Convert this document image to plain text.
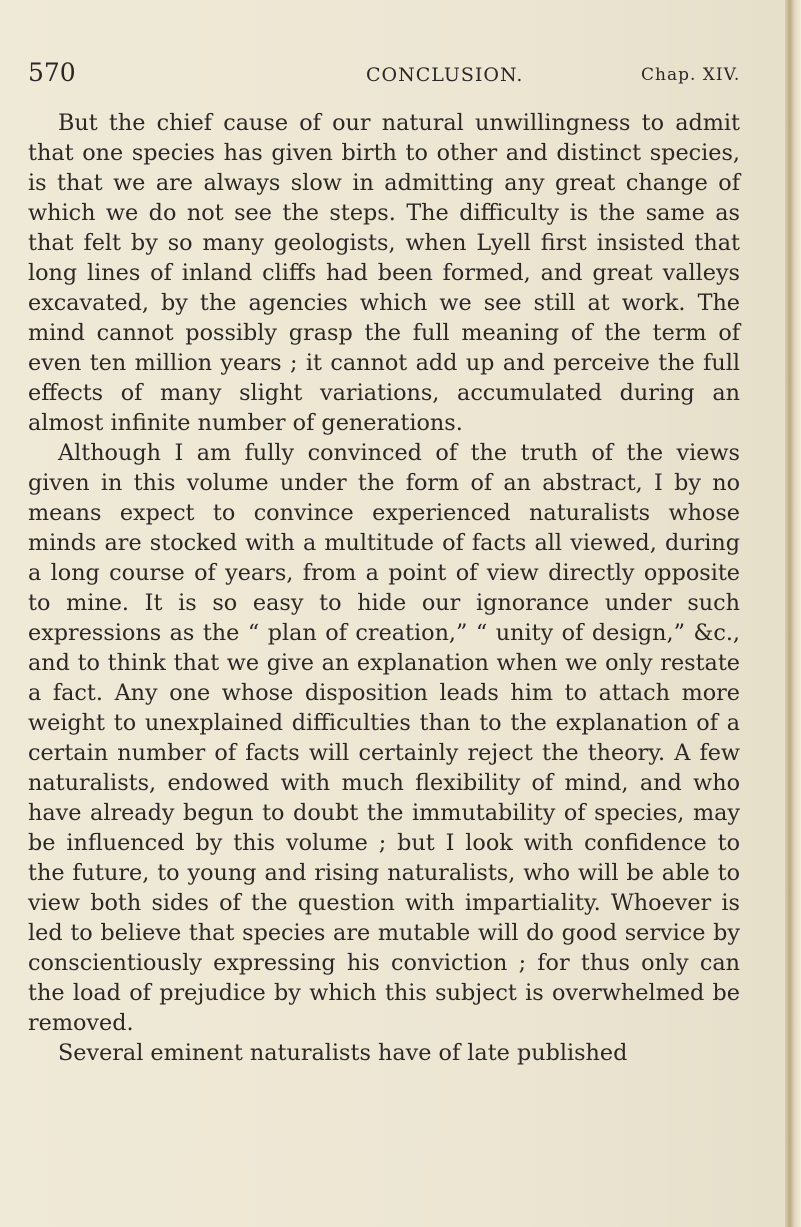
570	CONCLUSION.	Chap. XIV.

But the chief cause of our natural unwillingness to admit that one species has given birth to other and distinct species, is that we are always slow in admitting any great change of which we do not see the steps. The difficulty is the same as that felt by so many geologists, when Lyell first insisted that long lines of inland cliffs had been formed, and great valleys excavated, by the agencies which we see still at work. The mind cannot possibly grasp the full meaning of the term of even ten million years ; it cannot add up and perceive the full effects of many slight variations, accumulated during an almost infinite number of generations.

Although I am fully convinced of the truth of the views given in this volume under the form of an abstract, I by no means expect to convince experienced naturalists whose minds are stocked with a multitude of facts all viewed, during a long course of years, from a point of view directly opposite to mine. It is so easy to hide our ignorance under such expressions as the “ plan of creation,” “ unity of design,” &c., and to think that we give an explanation when we only restate a fact. Any one whose disposition leads him to attach more weight to unexplained difficulties than to the explanation of a certain number of facts will certainly reject the theory. A few naturalists, endowed with much flexibility of mind, and who have already begun to doubt the immutability of species, may be influenced by this volume ; but I look with confidence to the future, to young and rising naturalists, who will be able to view both sides of the question with impartiality. Whoever is led to believe that species are mutable will do good service by conscientiously expressing his conviction ; for thus only can the load of prejudice by which this subject is overwhelmed be removed.

Several eminent naturalists have of late published
